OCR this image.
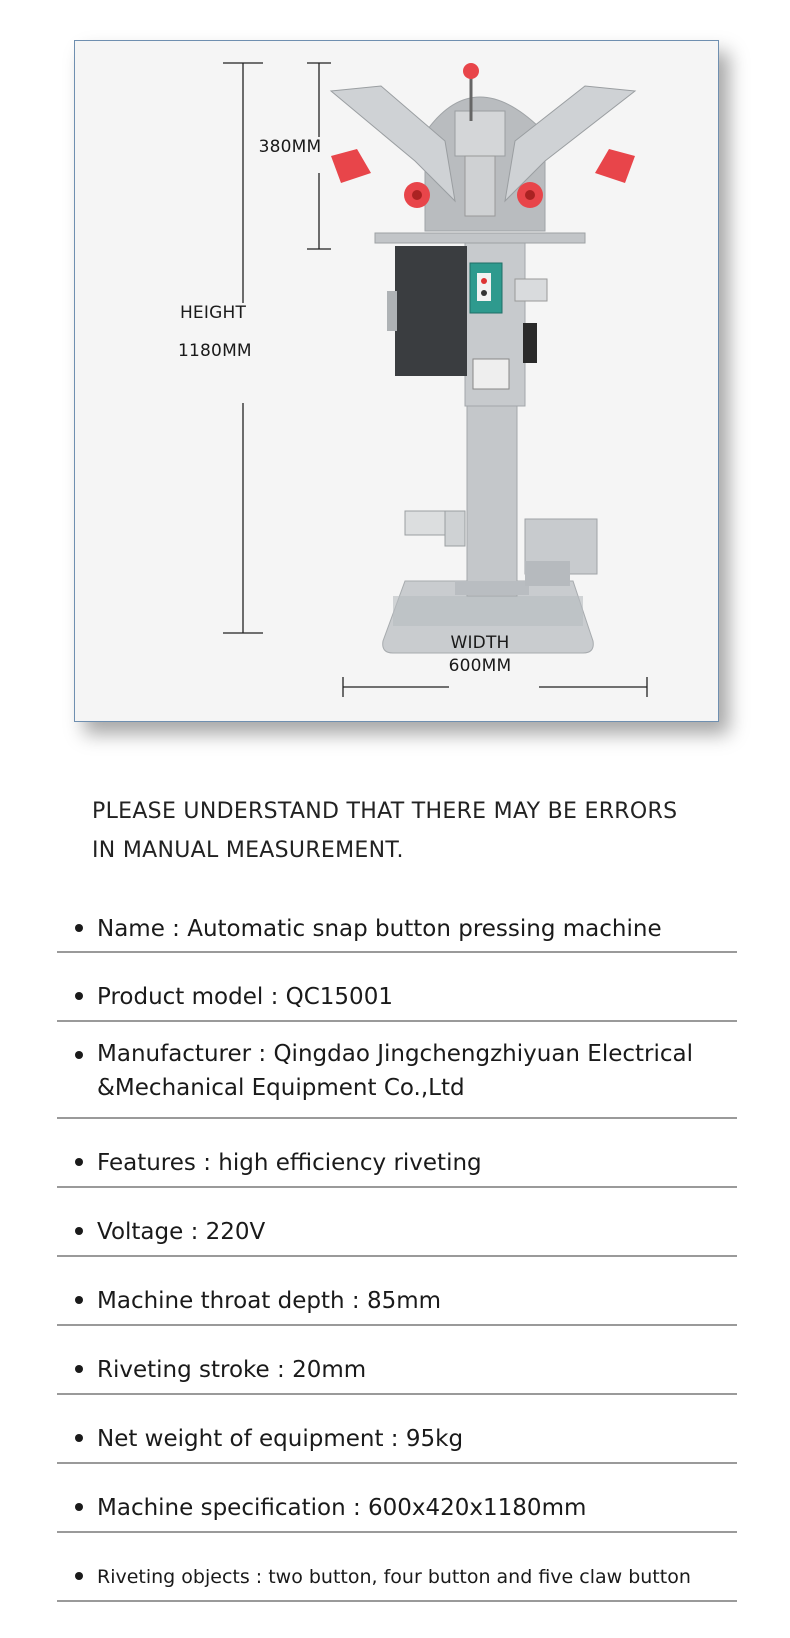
380MM
HEIGHT
1180MM
WIDTH
600MM
PLEASE UNDERSTAND THAT THERE MAY BE ERRORS
IN MANUAL MEASUREMENT.
Name : Automatic snap button pressing machine
Product model : QC15001
Manufacturer : Qingdao Jingchengzhiyuan Electrical
&Mechanical Equipment Co.,Ltd
Features : high efficiency riveting
Voltage : 220V
Machine throat depth : 85mm
Riveting stroke : 20mm
Net weight of equipment : 95kg
Machine specification : 600x420x1180mm
Riveting objects : two button, four button and five claw button
